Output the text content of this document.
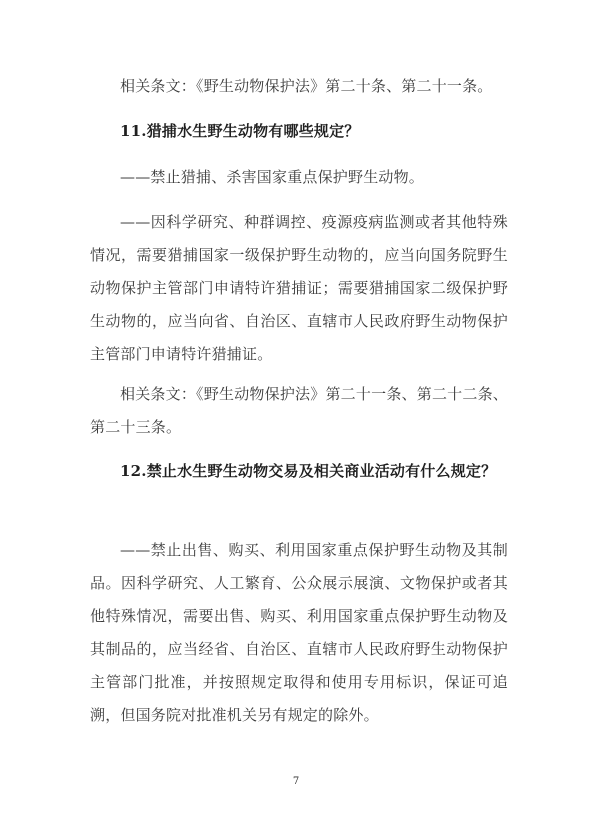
相关条文：《野生动物保护法》第二十条、第二十一条。

11.猎捕水生野生动物有哪些规定？

——禁止猎捕、杀害国家重点保护野生动物。

——因科学研究、种群调控、疫源疫病监测或者其他特殊情况，需要猎捕国家一级保护野生动物的，应当向国务院野生动物保护主管部门申请特许猎捕证；需要猎捕国家二级保护野生动物的，应当向省、自治区、直辖市人民政府野生动物保护主管部门申请特许猎捕证。

相关条文：《野生动物保护法》第二十一条、第二十二条、第二十三条。

12.禁止水生野生动物交易及相关商业活动有什么规定？

——禁止出售、购买、利用国家重点保护野生动物及其制品。因科学研究、人工繁育、公众展示展演、文物保护或者其他特殊情况，需要出售、购买、利用国家重点保护野生动物及其制品的，应当经省、自治区、直辖市人民政府野生动物保护主管部门批准，并按照规定取得和使用专用标识，保证可追溯，但国务院对批准机关另有规定的除外。

7
